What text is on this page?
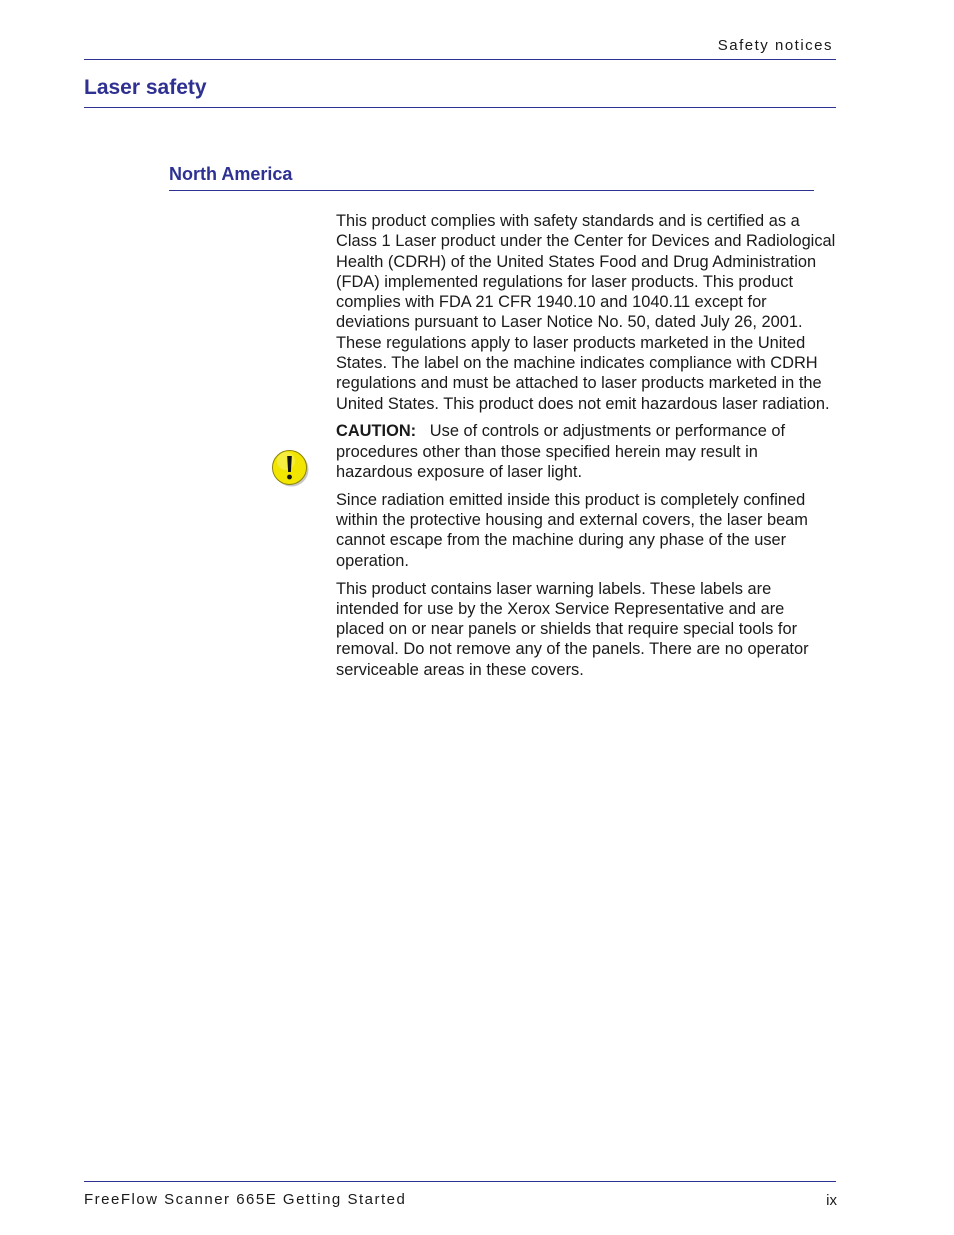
Safety notices
Laser safety
North America

This product complies with safety standards and is certified as a Class 1 Laser product under the Center for Devices and Radiological Health (CDRH) of the United States Food and Drug Administration (FDA) implemented regulations for laser products. This product complies with FDA 21 CFR 1940.10 and 1040.11 except for deviations pursuant to Laser Notice No. 50, dated July 26, 2001. These regulations apply to laser products marketed in the United States. The label on the machine indicates compliance with CDRH regulations and must be attached to laser products marketed in the United States. This product does not emit hazardous laser radiation.

CAUTION: Use of controls or adjustments or performance of procedures other than those specified herein may result in hazardous exposure of laser light.

Since radiation emitted inside this product is completely confined within the protective housing and external covers, the laser beam cannot escape from the machine during any phase of the user operation.

This product contains laser warning labels. These labels are intended for use by the Xerox Service Representative and are placed on or near panels or shields that require special tools for removal. Do not remove any of the panels. There are no operator serviceable areas in these covers.

FreeFlow Scanner 665E Getting Started	ix
